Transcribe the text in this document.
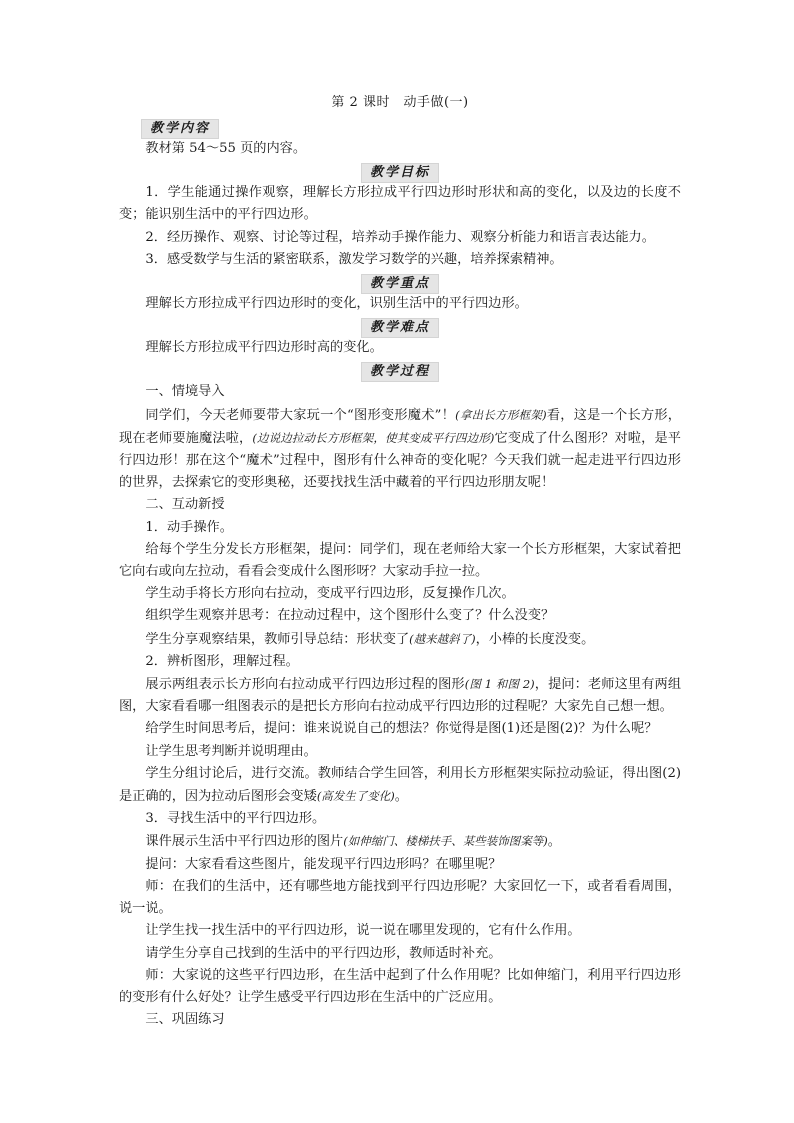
第 2 课时　动手做(一)
教学内容

教材第 54～55 页的内容。

教学目标

1．学生能通过操作观察，理解长方形拉成平行四边形时形状和高的变化，以及边的长度不变；能识别生活中的平行四边形。

2．经历操作、观察、讨论等过程，培养动手操作能力、观察分析能力和语言表达能力。

3．感受数学与生活的紧密联系，激发学习数学的兴趣，培养探索精神。

教学重点

理解长方形拉成平行四边形时的变化，识别生活中的平行四边形。

教学难点

理解长方形拉成平行四边形时高的变化。

教学过程

一、情境导入

同学们，今天老师要带大家玩一个“图形变形魔术”！(拿出长方形框架)看，这是一个长方形，现在老师要施魔法啦，(边说边拉动长方形框架，使其变成平行四边形)它变成了什么图形？对啦，是平行四边形！那在这个“魔术”过程中，图形有什么神奇的变化呢？今天我们就一起走进平行四边形的世界，去探索它的变形奥秘，还要找找生活中藏着的平行四边形朋友呢！

二、互动新授

1．动手操作。

给每个学生分发长方形框架，提问：同学们，现在老师给大家一个长方形框架，大家试着把它向右或向左拉动，看看会变成什么图形呀？大家动手拉一拉。

学生动手将长方形向右拉动，变成平行四边形，反复操作几次。

组织学生观察并思考：在拉动过程中，这个图形什么变了？什么没变？

学生分享观察结果，教师引导总结：形状变了(越来越斜了)，小棒的长度没变。

2．辨析图形，理解过程。

展示两组表示长方形向右拉动成平行四边形过程的图形(图 1 和图 2)，提问：老师这里有两组图，大家看看哪一组图表示的是把长方形向右拉动成平行四边形的过程呢？大家先自己想一想。

给学生时间思考后，提问：谁来说说自己的想法？你觉得是图(1)还是图(2)？为什么呢？

让学生思考判断并说明理由。

学生分组讨论后，进行交流。教师结合学生回答，利用长方形框架实际拉动验证，得出图(2)是正确的，因为拉动后图形会变矮(高发生了变化)。

3．寻找生活中的平行四边形。

课件展示生活中平行四边形的图片(如伸缩门、楼梯扶手、某些装饰图案等)。

提问：大家看看这些图片，能发现平行四边形吗？在哪里呢？

师：在我们的生活中，还有哪些地方能找到平行四边形呢？大家回忆一下，或者看看周围，说一说。

让学生找一找生活中的平行四边形，说一说在哪里发现的，它有什么作用。

请学生分享自己找到的生活中的平行四边形，教师适时补充。

师：大家说的这些平行四边形，在生活中起到了什么作用呢？比如伸缩门，利用平行四边形的变形有什么好处？让学生感受平行四边形在生活中的广泛应用。

三、巩固练习
